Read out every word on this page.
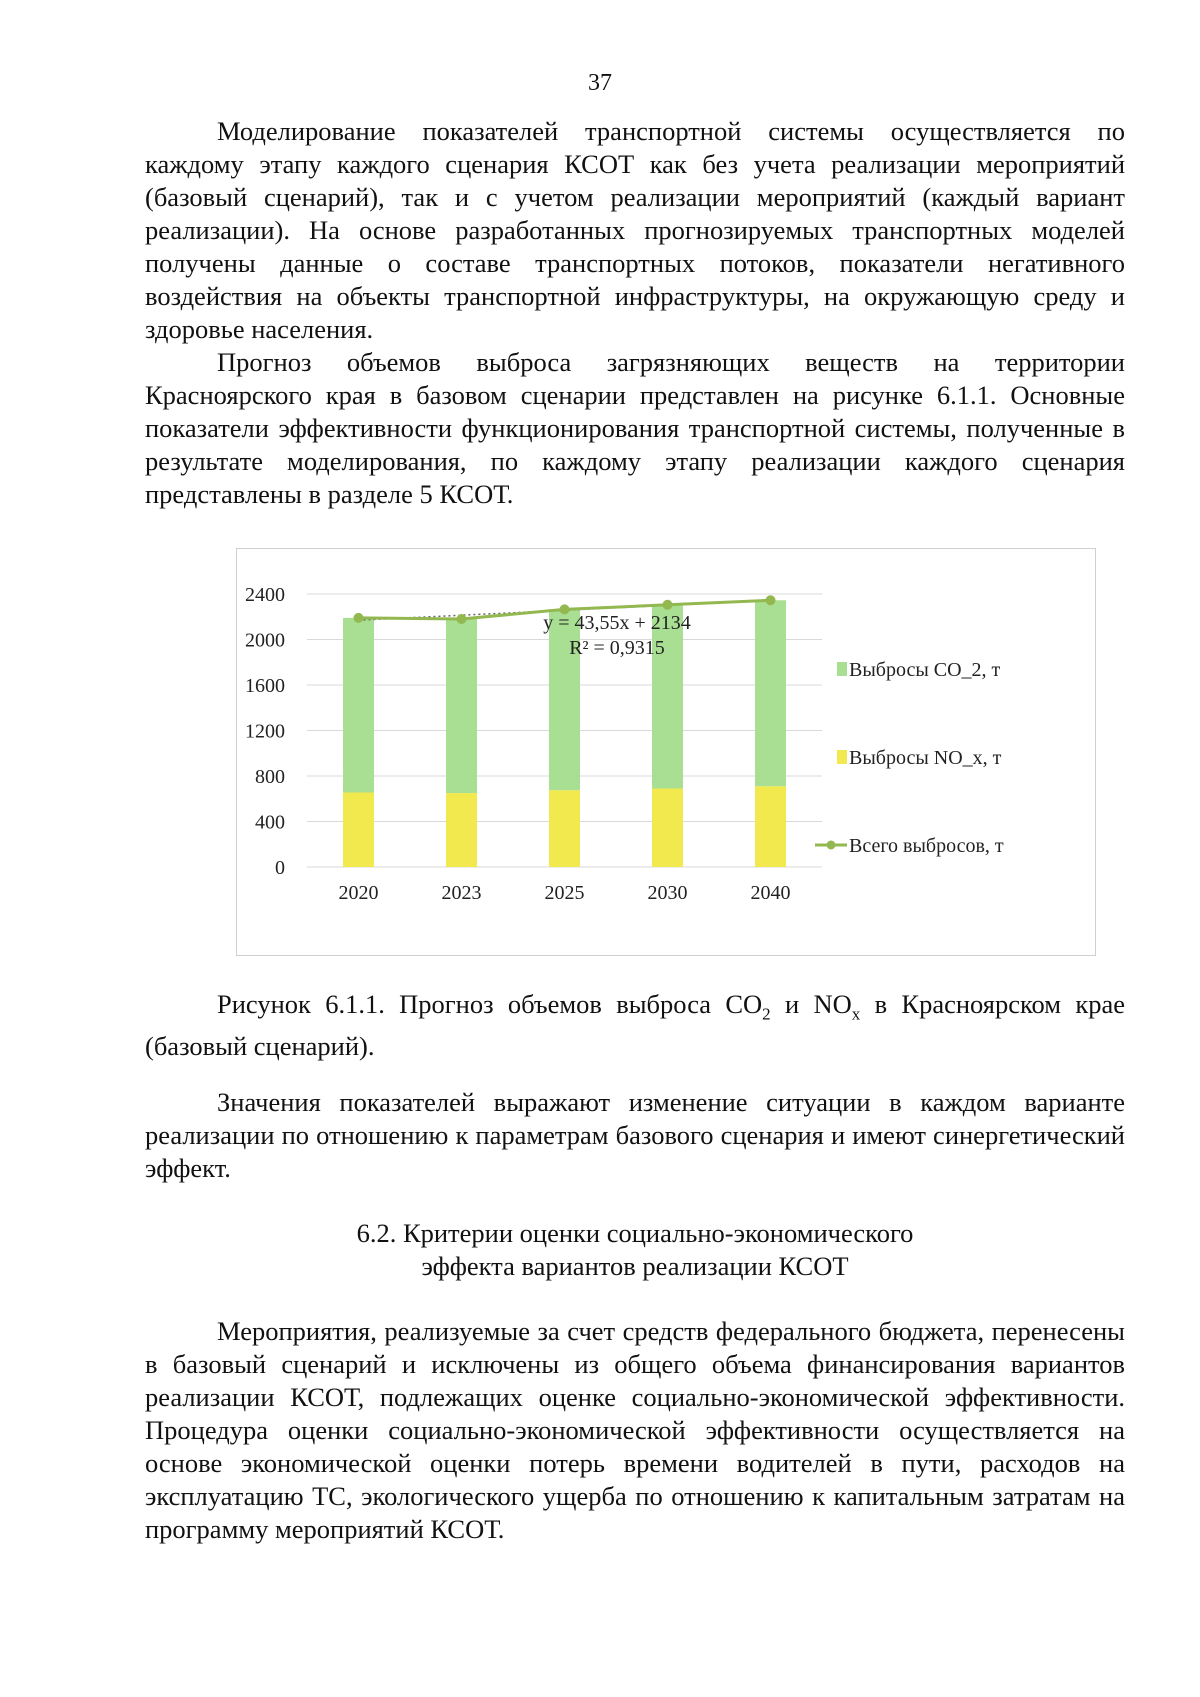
37

Моделирование показателей транспортной системы осуществляется по каждому этапу каждого сценария КСОТ как без учета реализации мероприятий (базовый сценарий), так и с учетом реализации мероприятий (каждый вариант реализации). На основе разработанных прогнозируемых транспортных моделей получены данные о составе транспортных потоков, показатели негативного воздействия на объекты транспортной инфраструктуры, на окружающую среду и здоровье населения.

Прогноз объемов выброса загрязняющих веществ на территории Красноярского края в базовом сценарии представлен на рисунке 6.1.1. Основные показатели эффективности функционирования транспортной системы, полученные в результате моделирования, по каждому этапу реализации каждого сценария представлены в разделе 5 КСОТ.

0
400
800
1200
1600
2000
2400
2020	2023	2025	2030	2040
y = 43,55x + 2134
R² = 0,9315
Выбросы CO_2, т
Выбросы NO_x, т
Всего выбросов, т

Рисунок 6.1.1. Прогноз объемов выброса $CO_2$ и $NO_x$ в Красноярском крае (базовый сценарий).

Значения показателей выражают изменение ситуации в каждом варианте реализации по отношению к параметрам базового сценария и имеют синергетический эффект.

6.2. Критерии оценки социально-экономического
эффекта вариантов реализации КСОТ

Мероприятия, реализуемые за счет средств федерального бюджета, перенесены в базовый сценарий и исключены из общего объема финансирования вариантов реализации КСОТ, подлежащих оценке социально-экономической эффективности. Процедура оценки социально-экономической эффективности осуществляется на основе экономической оценки потерь времени водителей в пути, расходов на эксплуатацию ТС, экологического ущерба по отношению к капитальным затратам на программу мероприятий КСОТ.
